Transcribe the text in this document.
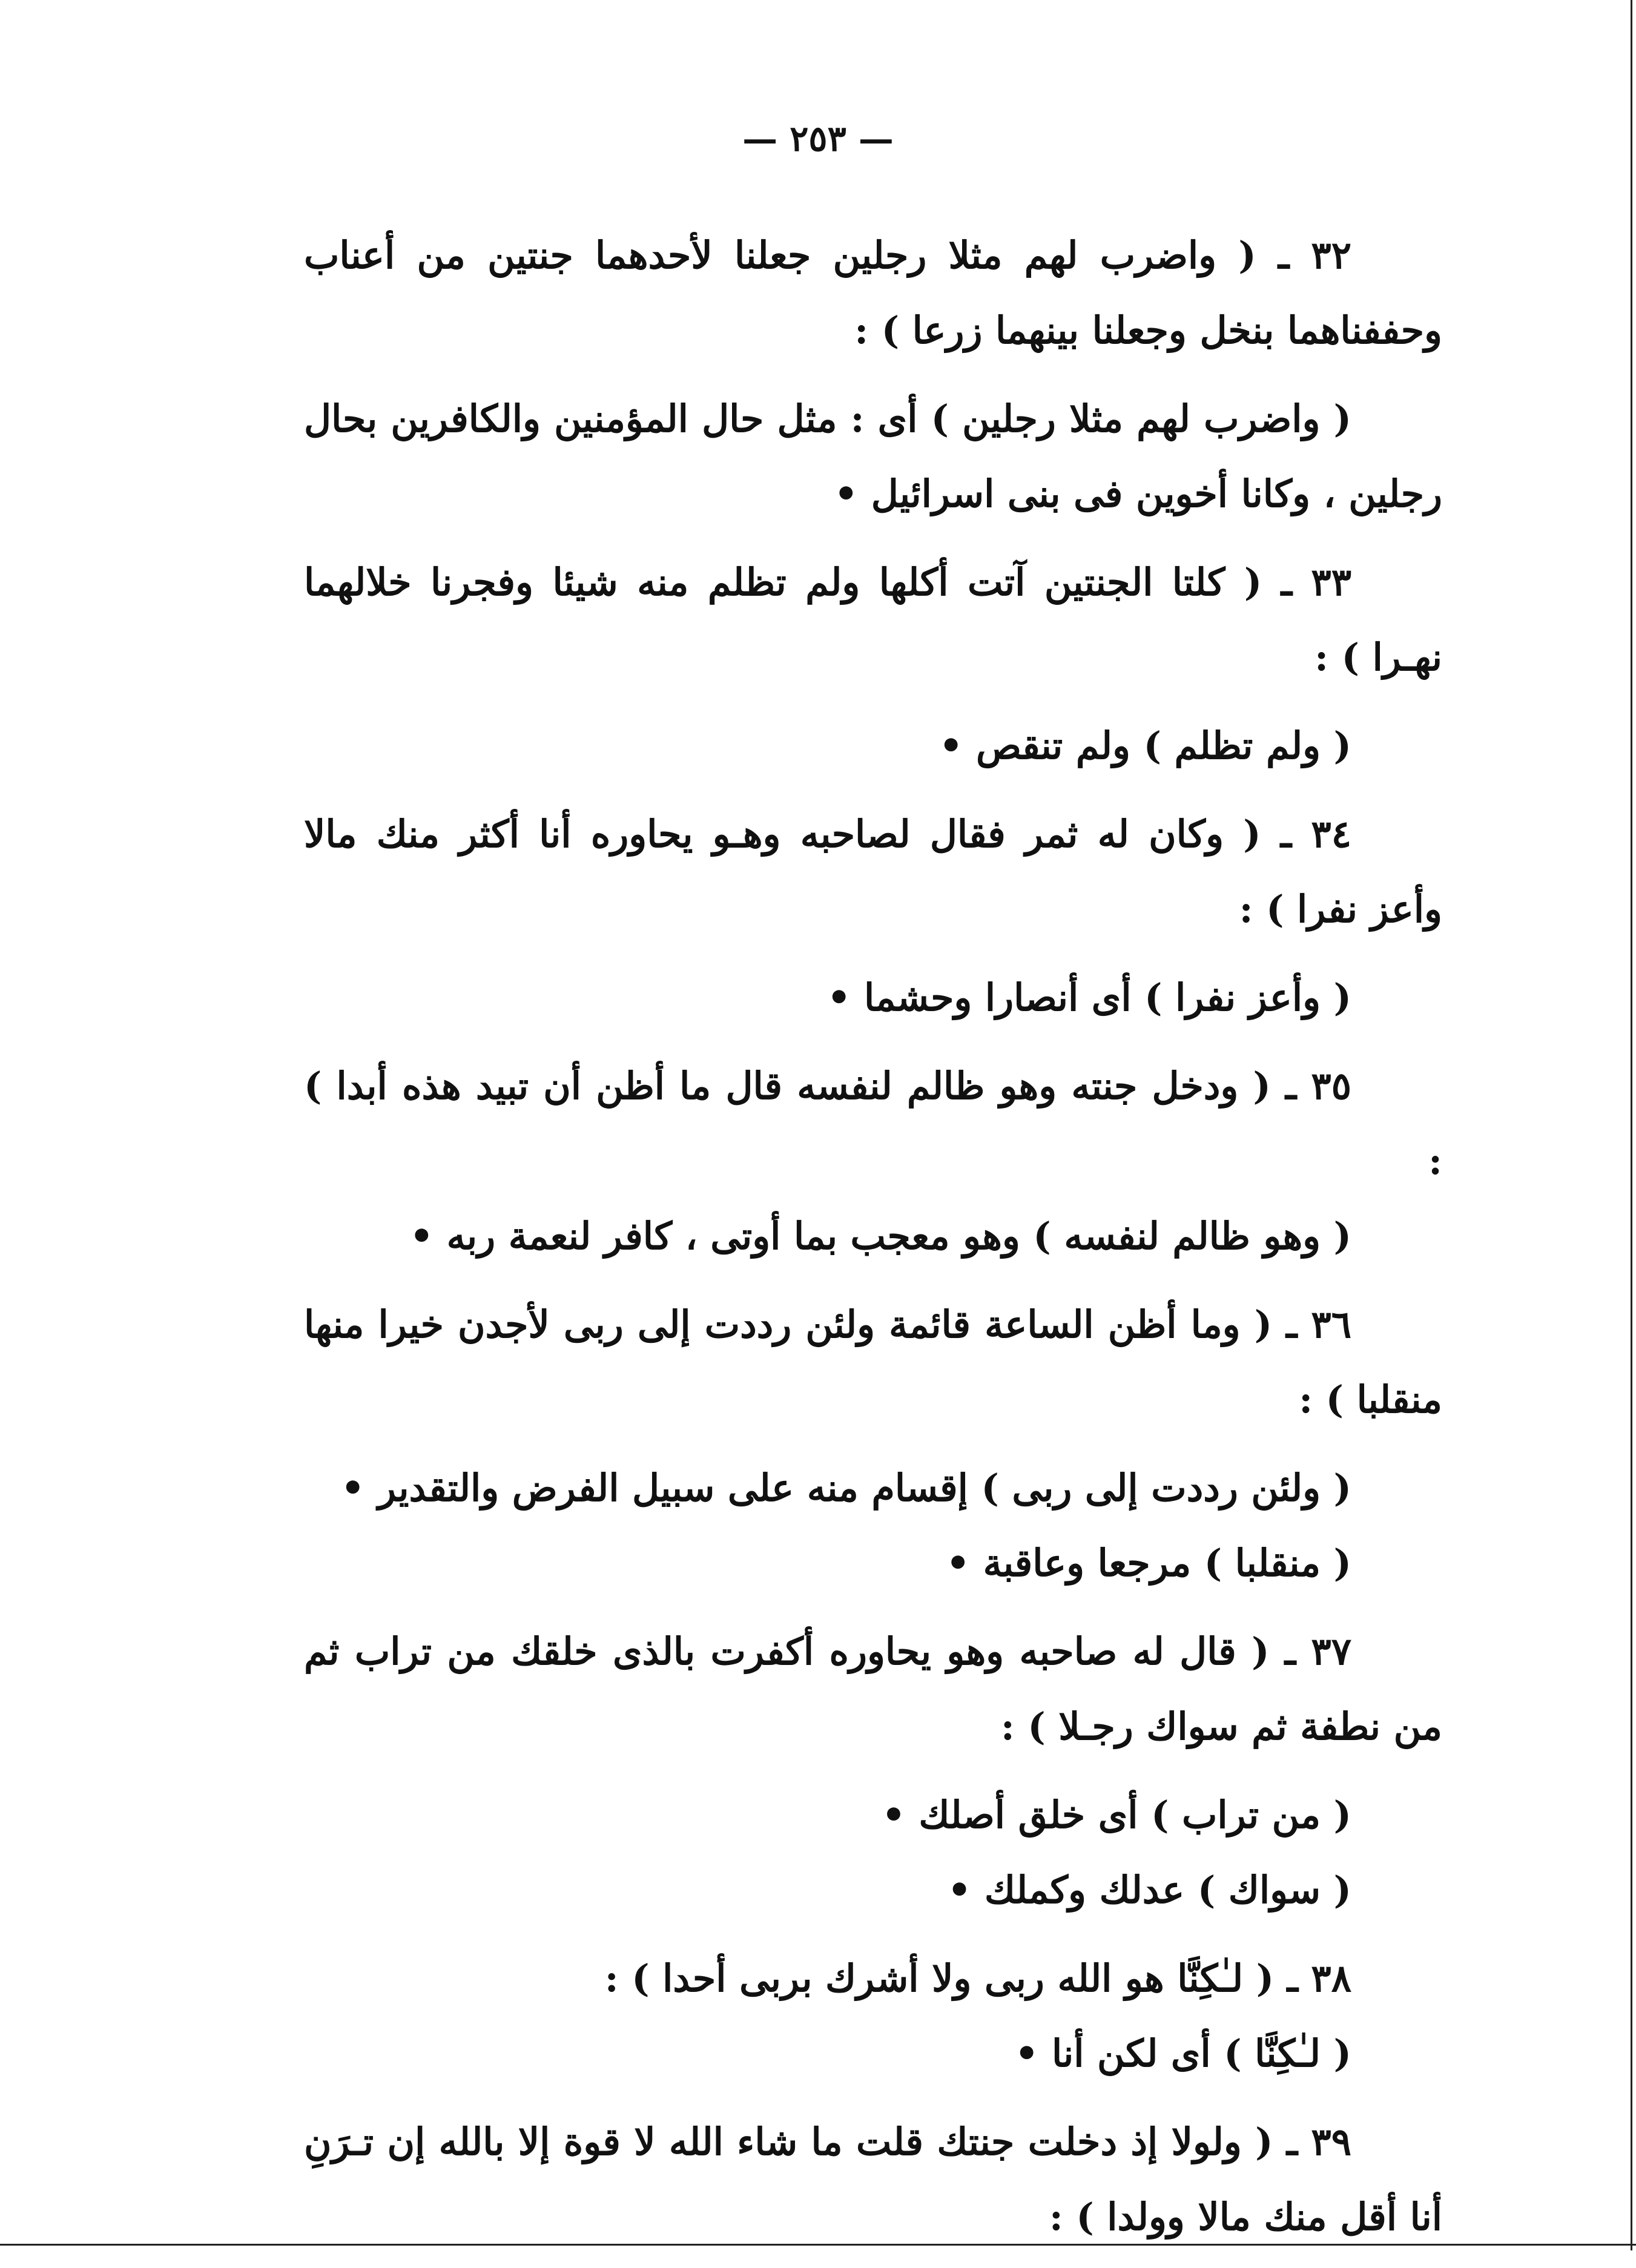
— ٢٥٣ —

٣٢ ـ ( واضرب لهم مثلا رجلين جعلنا لأحدهما جنتين من أعناب وحففناهما بنخل وجعلنا بينهما زرعا ) :

( واضرب لهم مثلا رجلين ) أى : مثل حال المؤمنين والكافرين بحال رجلين ، وكانا أخوين فى بنى اسرائيل •

٣٣ ـ ( كلتا الجنتين آتت أكلها ولم تظلم منه شيئا وفجرنا خلالهما نهـرا ) :

( ولم تظلم ) ولم تنقص •

٣٤ ـ ( وكان له ثمر فقال لصاحبه وهـو يحاوره أنا أكثر منك مالا وأعز نفرا ) :

( وأعز نفرا ) أى أنصارا وحشما •

٣٥ ـ ( ودخل جنته وهو ظالم لنفسه قال ما أظن أن تبيد هذه أبدا ) :

( وهو ظالم لنفسه ) وهو معجب بما أوتى ، كافر لنعمة ربه •

٣٦ ـ ( وما أظن الساعة قائمة ولئن رددت إلى ربى لأجدن خيرا منها منقلبا ) :

( ولئن رددت إلى ربى ) إقسام منه على سبيل الفرض والتقدير •

( منقلبا ) مرجعا وعاقبة •

٣٧ ـ ( قال له صاحبه وهو يحاوره أكفرت بالذى خلقك من تراب ثم من نطفة ثم سواك رجـلا ) :

( من تراب ) أى خلق أصلك •

( سواك ) عدلك وكملك •

٣٨ ـ ( لـٰكِنَّا هو الله ربى ولا أشرك بربى أحدا ) :

( لـٰكِنَّا ) أى لكن أنا •

٣٩ ـ ( ولولا إذ دخلت جنتك قلت ما شاء الله لا قوة إلا بالله إن تـرَنِ أنا أقل منك مالا وولدا ) :
